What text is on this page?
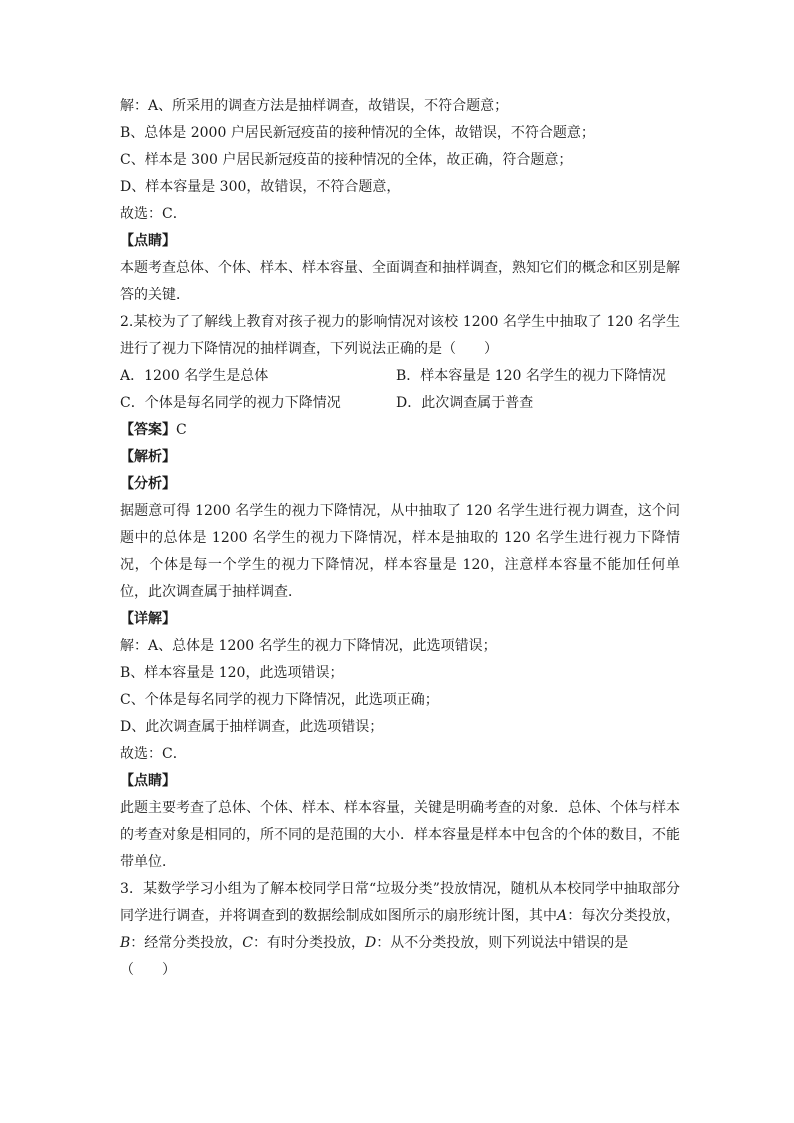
解：A、所采用的调查方法是抽样调查，故错误，不符合题意；
B、总体是 2000 户居民新冠疫苗的接种情况的全体，故错误，不符合题意；
C、样本是 300 户居民新冠疫苗的接种情况的全体，故正确，符合题意；
D、样本容量是 300，故错误，不符合题意，
故选：C．
【点睛】
本题考查总体、个体、样本、样本容量、全面调查和抽样调查，熟知它们的概念和区别是解答的关键．
2.某校为了了解线上教育对孩子视力的影响情况对该校 1200 名学生中抽取了 120 名学生进行了视力下降情况的抽样调查，下列说法正确的是（　　）
A．1200 名学生是总体	B．样本容量是 120 名学生的视力下降情况
C．个体是每名同学的视力下降情况	D．此次调查属于普查
【答案】C
【解析】
【分析】
据题意可得 1200 名学生的视力下降情况，从中抽取了 120 名学生进行视力调查，这个问题中的总体是 1200 名学生的视力下降情况，样本是抽取的 120 名学生进行视力下降情况，个体是每一个学生的视力下降情况，样本容量是 120，注意样本容量不能加任何单位，此次调查属于抽样调查．
【详解】
解：A、总体是 1200 名学生的视力下降情况，此选项错误；
B、样本容量是 120，此选项错误；
C、个体是每名同学的视力下降情况，此选项正确；
D、此次调查属于抽样调查，此选项错误；
故选：C．
【点睛】
此题主要考查了总体、个体、样本、样本容量，关键是明确考查的对象．总体、个体与样本的考查对象是相同的，所不同的是范围的大小．样本容量是样本中包含的个体的数目，不能带单位．
3．某数学学习小组为了解本校同学日常“垃圾分类”投放情况，随机从本校同学中抽取部分同学进行调查，并将调查到的数据绘制成如图所示的扇形统计图，其中A：每次分类投放，B：经常分类投放，C：有时分类投放，D：从不分类投放，则下列说法中错误的是
（　　）
